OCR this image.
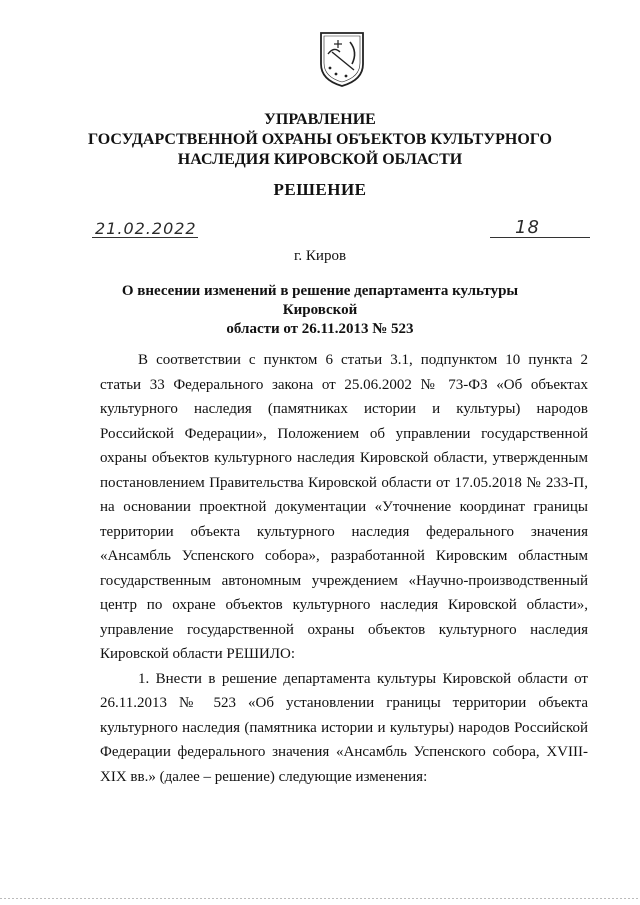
УПРАВЛЕНИЕ
ГОСУДАРСТВЕННОЙ ОХРАНЫ ОБЪЕКТОВ КУЛЬТУРНОГО
НАСЛЕДИЯ КИРОВСКОЙ ОБЛАСТИ
РЕШЕНИЕ
21.02.2022	18
г. Киров
О внесении изменений в решение департамента культуры Кировской
области от 26.11.2013 № 523

В соответствии с пунктом 6 статьи 3.1, подпунктом 10 пункта 2 статьи 33 Федерального закона от 25.06.2002 № 73-ФЗ «Об объектах культурного наследия (памятниках истории и культуры) народов Российской Федерации», Положением об управлении государственной охраны объектов культурного наследия Кировской области, утвержденным постановлением Правительства Кировской области от 17.05.2018 № 233-П, на основании проектной документации «Уточнение координат границы территории объекта культурного наследия федерального значения «Ансамбль Успенского собора», разработанной Кировским областным государственным автономным учреждением «Научно-производственный центр по охране объектов культурного наследия Кировской области», управление государственной охраны объектов культурного наследия Кировской области РЕШИЛО:

1. Внести в решение департамента культуры Кировской области от 26.11.2013 № 523 «Об установлении границы территории объекта культурного наследия (памятника истории и культуры) народов Российской Федерации федерального значения «Ансамбль Успенского собора, XVIII-XIX вв.» (далее – решение) следующие изменения:
